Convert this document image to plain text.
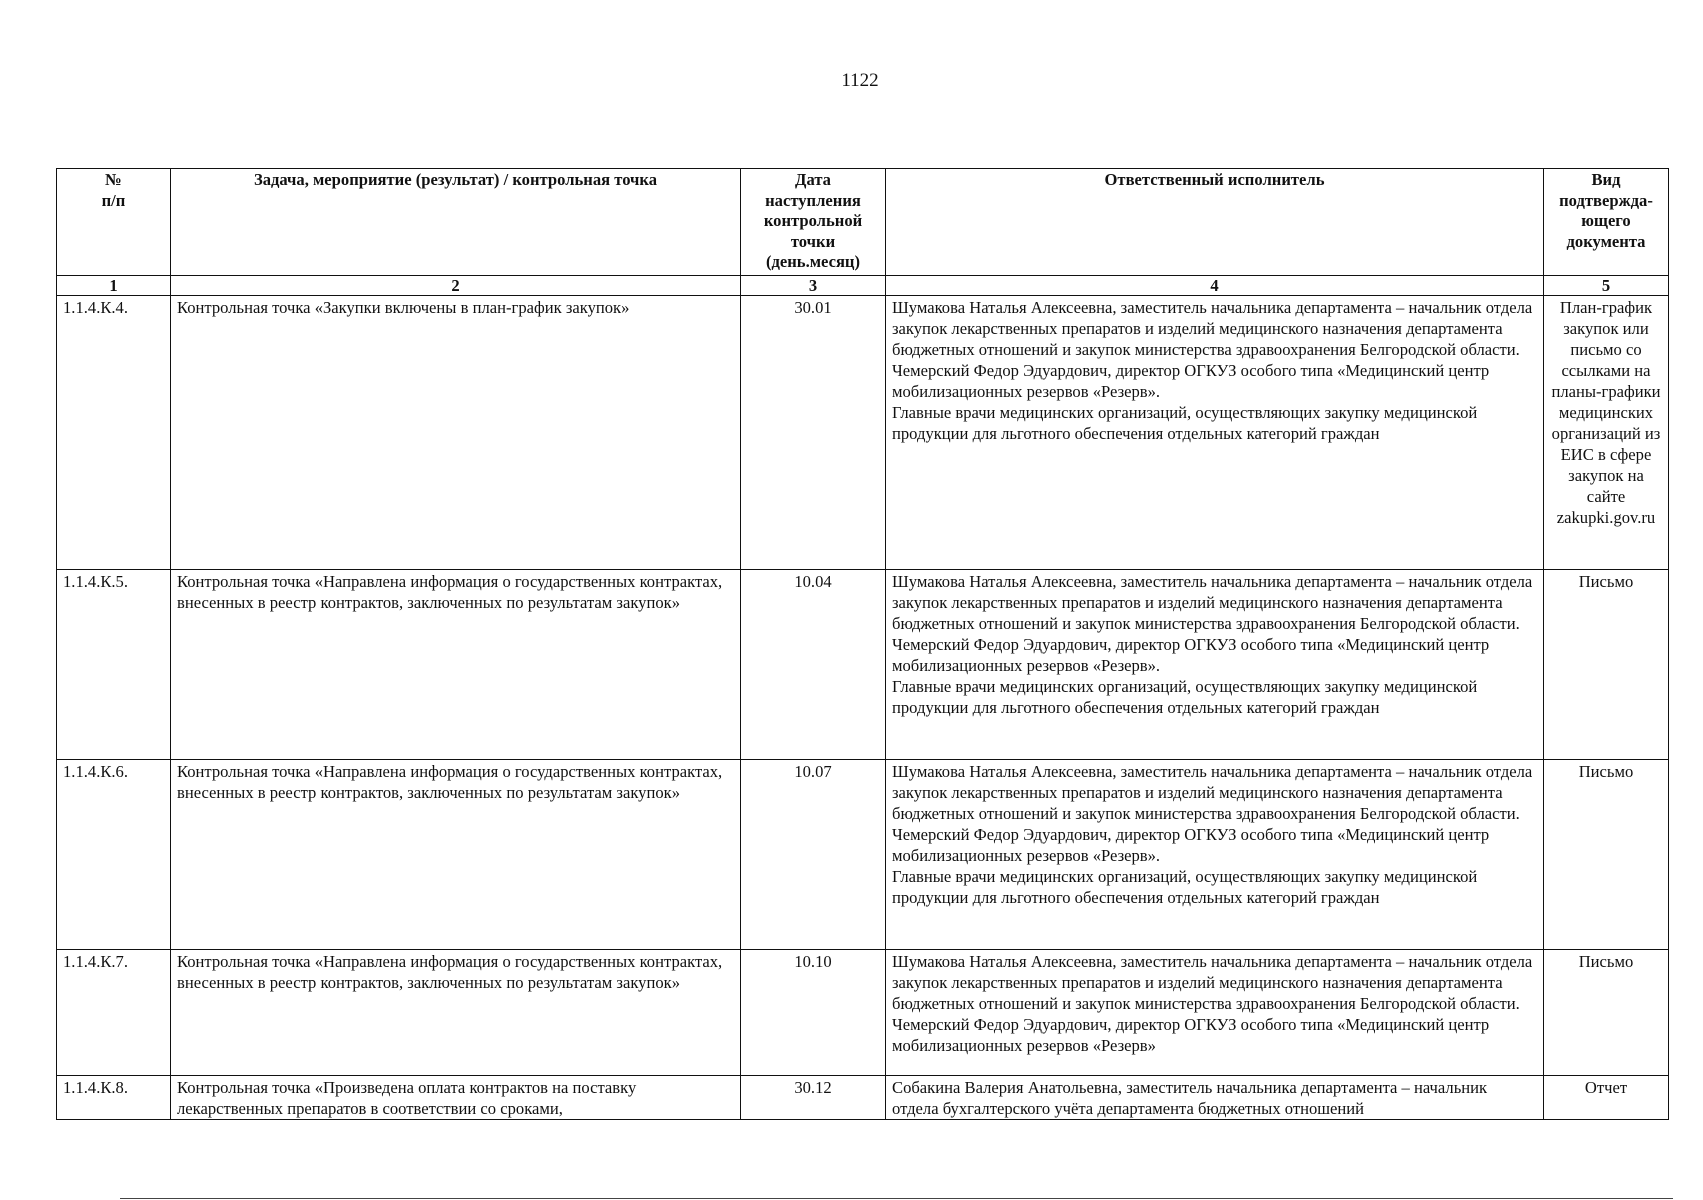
1122
№
п/п	Задача, мероприятие (результат) / контрольная точка	Дата
наступления
контрольной
точки
(день.месяц)	Ответственный исполнитель	Вид
подтвержда-
ющего
документа
1	2	3	4	5
1.1.4.К.4.	Контрольная точка «Закупки включены в план-график закупок»	30.01	Шумакова Наталья Алексеевна, заместитель начальника департамента – начальник отдела закупок лекарственных препаратов и изделий медицинского назначения департамента бюджетных отношений и закупок министерства здравоохранения Белгородской области.
Чемерский Федор Эдуардович, директор ОГКУЗ особого типа «Медицинский центр мобилизационных резервов «Резерв».
Главные врачи медицинских организаций, осуществляющих закупку медицинской продукции для льготного обеспечения отдельных категорий граждан	План-график закупок или письмо со ссылками на планы-графики медицинских организаций из ЕИС в сфере закупок на сайте zakupki.gov.ru
1.1.4.К.5.	Контрольная точка «Направлена информация о государственных контрактах, внесенных в реестр контрактов, заключенных по результатам закупок»	10.04	Шумакова Наталья Алексеевна, заместитель начальника департамента – начальник отдела закупок лекарственных препаратов и изделий медицинского назначения департамента бюджетных отношений и закупок министерства здравоохранения Белгородской области.
Чемерский Федор Эдуардович, директор ОГКУЗ особого типа «Медицинский центр мобилизационных резервов «Резерв».
Главные врачи медицинских организаций, осуществляющих закупку медицинской продукции для льготного обеспечения отдельных категорий граждан	Письмо
1.1.4.К.6.	Контрольная точка «Направлена информация о государственных контрактах, внесенных в реестр контрактов, заключенных по результатам закупок»	10.07	Шумакова Наталья Алексеевна, заместитель начальника департамента – начальник отдела закупок лекарственных препаратов и изделий медицинского назначения департамента бюджетных отношений и закупок министерства здравоохранения Белгородской области.
Чемерский Федор Эдуардович, директор ОГКУЗ особого типа «Медицинский центр мобилизационных резервов «Резерв».
Главные врачи медицинских организаций, осуществляющих закупку медицинской продукции для льготного обеспечения отдельных категорий граждан	Письмо
1.1.4.К.7.	Контрольная точка «Направлена информация о государственных контрактах, внесенных в реестр контрактов, заключенных по результатам закупок»	10.10	Шумакова Наталья Алексеевна, заместитель начальника департамента – начальник отдела закупок лекарственных препаратов и изделий медицинского назначения департамента бюджетных отношений и закупок министерства здравоохранения Белгородской области.
Чемерский Федор Эдуардович, директор ОГКУЗ особого типа «Медицинский центр мобилизационных резервов «Резерв»	Письмо
1.1.4.К.8.	Контрольная точка «Произведена оплата контрактов на поставку лекарственных препаратов в соответствии со сроками,	30.12	Собакина Валерия Анатольевна, заместитель начальника департамента – начальник отдела бухгалтерского учёта департамента бюджетных отношений	Отчет
